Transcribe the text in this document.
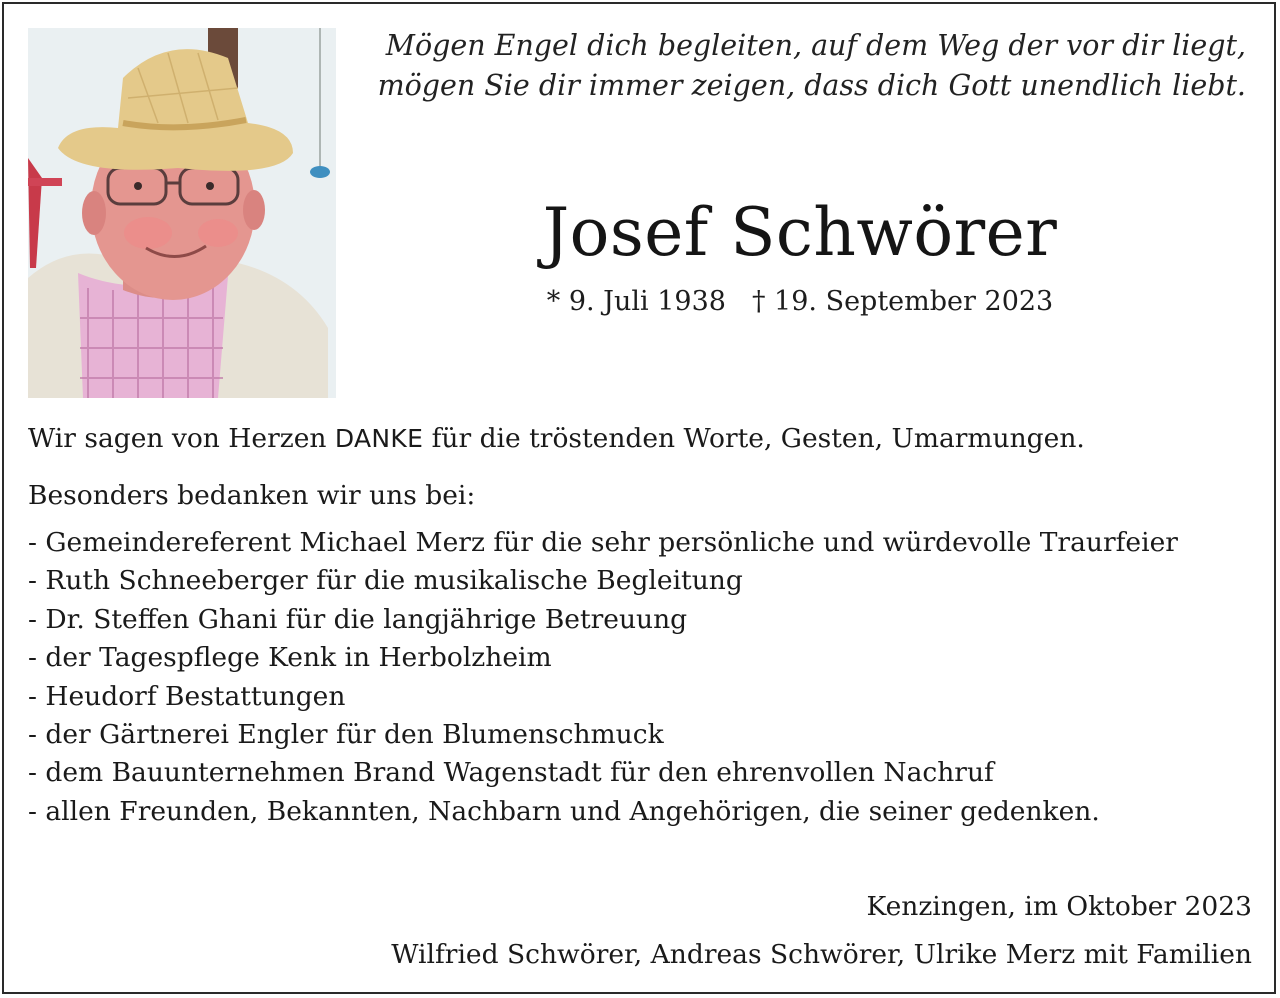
Mögen Engel dich begleiten, auf dem Weg der vor dir liegt,
mögen Sie dir immer zeigen, dass dich Gott unendlich liebt.
Josef Schwörer
* 9. Juli 1938 † 19. September 2023
Wir sagen von Herzen DANKE für die tröstenden Worte, Gesten, Umarmungen.
Besonders bedanken wir uns bei:
- Gemeindereferent Michael Merz für die sehr persönliche und würdevolle Traurfeier
- Ruth Schneeberger für die musikalische Begleitung
- Dr. Steffen Ghani für die langjährige Betreuung
- der Tagespflege Kenk in Herbolzheim
- Heudorf Bestattungen
- der Gärtnerei Engler für den Blumenschmuck
- dem Bauunternehmen Brand Wagenstadt für den ehrenvollen Nachruf
- allen Freunden, Bekannten, Nachbarn und Angehörigen, die seiner gedenken.
Kenzingen, im Oktober 2023
Wilfried Schwörer, Andreas Schwörer, Ulrike Merz mit Familien
